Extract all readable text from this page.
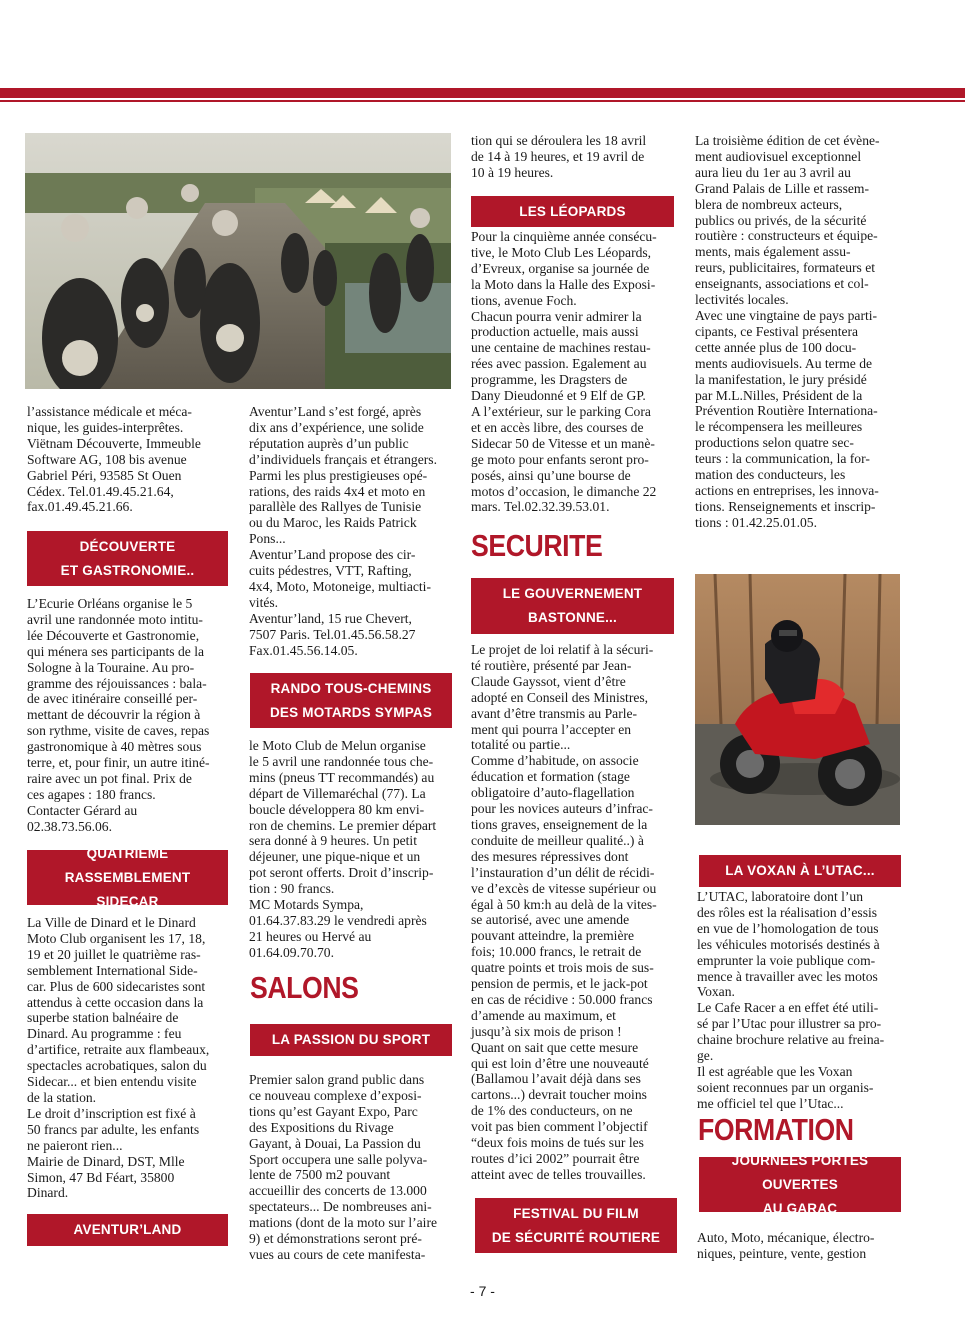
l’assistance médicale et méca-
nique, les guides-interprêtes.
Viëtnam Découverte, Immeuble
Software AG, 108 bis avenue
Gabriel Péri, 93585 St Ouen
Cédex. Tel.01.49.45.21.64,
fax.01.49.45.21.66.

DÉCOUVERTE
ET GASTRONOMIE..

L’Ecurie Orléans organise le 5
avril une randonnée moto intitu-
lée Découverte et Gastronomie,
qui ménera ses participants de la
Sologne à la Touraine. Au pro-
gramme des réjouissances : bala-
de avec itinéraire conseillé per-
mettant de découvrir la région à
son rythme, visite de caves, repas
gastronomique à 40 mètres sous
terre, et, pour finir, un autre itiné-
raire avec un pot final. Prix de
ces agapes : 180 francs.
Contacter Gérard au
02.38.73.56.06.

QUATRIEME RASSEMBLEMENT
SIDECAR

La Ville de Dinard et le Dinard
Moto Club organisent les 17, 18,
19 et 20 juillet le quatrième ras-
semblement International Side-
car. Plus de 600 sidecaristes sont
attendus à cette occasion dans la
superbe station balnéaire de
Dinard. Au programme : feu
d’artifice, retraite aux flambeaux,
spectacles acrobatiques, salon du
Sidecar... et bien entendu visite
de la station.
Le droit d’inscription est fixé à
50 francs par adulte, les enfants
ne paieront rien...
Mairie de Dinard, DST, Mlle
Simon, 47 Bd Féart, 35800
Dinard.

AVENTUR’LAND

Aventur’Land s’est forgé, après
dix ans d’expérience, une solide
réputation auprès d’un public
d’individuels français et étrangers.
Parmi les plus prestigieuses opé-
rations, des raids 4x4 et moto en
parallèle des Rallyes de Tunisie
ou du Maroc, les Raids Patrick
Pons...
Aventur’Land propose des cir-
cuits pédestres, VTT, Rafting,
4x4, Moto, Motoneige, multiacti-
vités.
Aventur’land, 15 rue Chevert,
7507 Paris. Tel.01.45.56.58.27
Fax.01.45.56.14.05.

RANDO TOUS-CHEMINS
DES MOTARDS SYMPAS

le Moto Club de Melun organise
le 5 avril une randonnée tous che-
mins (pneus TT recommandés) au
départ de Villemaréchal (77). La
boucle développera 80 km envi-
ron de chemins. Le premier départ
sera donné à 9 heures. Un petit
déjeuner, une pique-nique et un
pot seront offerts. Droit d’inscrip-
tion : 90 francs.
MC Motards Sympa,
01.64.37.83.29 le vendredi après
21 heures ou Hervé au
01.64.09.70.70.

SALONS
LA PASSION DU SPORT

Premier salon grand public dans
ce nouveau complexe d’exposi-
tions qu’est Gayant Expo, Parc
des Expositions du Rivage
Gayant, à Douai, La Passion du
Sport occupera une salle polyva-
lente de 7500 m2 pouvant
accueillir des concerts de 13.000
spectateurs... De nombreuses ani-
mations (dont de la moto sur l’aire
9) et démonstrations seront pré-
vues au cours de cete manifesta-

tion qui se déroulera les 18 avril
de 14 à 19 heures, et 19 avril de
10 à 19 heures.

LES LÉOPARDS

Pour la cinquième année consécu-
tive, le Moto Club Les Léopards,
d’Evreux, organise sa journée de
la Moto dans la Halle des Exposi-
tions, avenue Foch.
Chacun pourra venir admirer la
production actuelle, mais aussi
une centaine de machines restau-
rées avec passion. Egalement au
programme, les Dragsters de
Dany Dieudonné et 9 Elf de GP.
A l’extérieur, sur le parking Cora
et en accès libre, des courses de
Sidecar 50 de Vitesse et un manè-
ge moto pour enfants seront pro-
posés, ainsi qu’une bourse de
motos d’occasion, le dimanche 22
mars. Tel.02.32.39.53.01.

SECURITE
LE GOUVERNEMENT
BASTONNE...

Le projet de loi relatif à la sécuri-
té routière, présenté par Jean-
Claude Gayssot, vient d’être
adopté en Conseil des Ministres,
avant d’être transmis au Parle-
ment qui pourra l’accepter en
totalité ou partie...
Comme d’habitude, on associe
éducation et formation (stage
obligatoire d’auto-flagellation
pour les novices auteurs d’infrac-
tions graves, enseignement de la
conduite de meilleur qualité..) à
des mesures répressives dont
l’instauration d’un délit de récidi-
ve d’excès de vitesse supérieur ou
égal à 50 km:h au delà de la vites-
se autorisé, avec une amende
pouvant atteindre, la première
fois; 10.000 francs, le retrait de
quatre points et trois mois de sus-
pension de permis, et le jack-pot
en cas de récidive : 50.000 francs
d’amende au maximum, et
jusqu’à six mois de prison !
Quant on sait que cette mesure
qui est loin d’être une nouveauté
(Ballamou l’avait déjà dans ses
cartons...) devrait toucher moins
de 1% des conducteurs, on ne
voit pas bien comment l’objectif
“deux fois moins de tués sur les
routes d’ici 2002” pourrait être
atteint avec de telles trouvailles.

FESTIVAL DU FILM
DE SÉCURITÉ ROUTIERE

La troisième édition de cet évène-
ment audiovisuel exceptionnel
aura lieu du 1er au 3 avril au
Grand Palais de Lille et rassem-
blera de nombreux acteurs,
publics ou privés, de la sécurité
routière : constructeurs et équipe-
ments, mais également assu-
reurs, publicitaires, formateurs et
enseignants, associations et col-
lectivités locales.
Avec une vingtaine de pays parti-
cipants, ce Festival présentera
cette année plus de 100 docu-
ments audiovisuels. Au terme de
la manifestation, le jury présidé
par M.L.Nilles, Président de la
Prévention Routière Internationa-
le récompensera les meilleures
productions selon quatre sec-
teurs : la communication, la for-
mation des conducteurs, les
actions en entreprises, les innova-
tions. Renseignements et inscrip-
tions : 01.42.25.01.05.

LA VOXAN À L’UTAC...

L’UTAC, laboratoire dont l’un
des rôles est la réalisation d’essis
en vue de l’homologation de tous
les véhicules motorisés destinés à
emprunter la voie publique com-
mence à travailler avec les motos
Voxan.
Le Cafe Racer a en effet été utili-
sé par l’Utac pour illustrer sa pro-
chaine brochure relative au freina-
ge.
Il est agréable que les Voxan
soient reconnues par un organis-
me officiel tel que l’Utac...

FORMATION
JOURNÉES PORTES OUVERTES
AU GARAC

Auto, Moto, mécanique, électro-
niques, peinture, vente, gestion

- 7 -
